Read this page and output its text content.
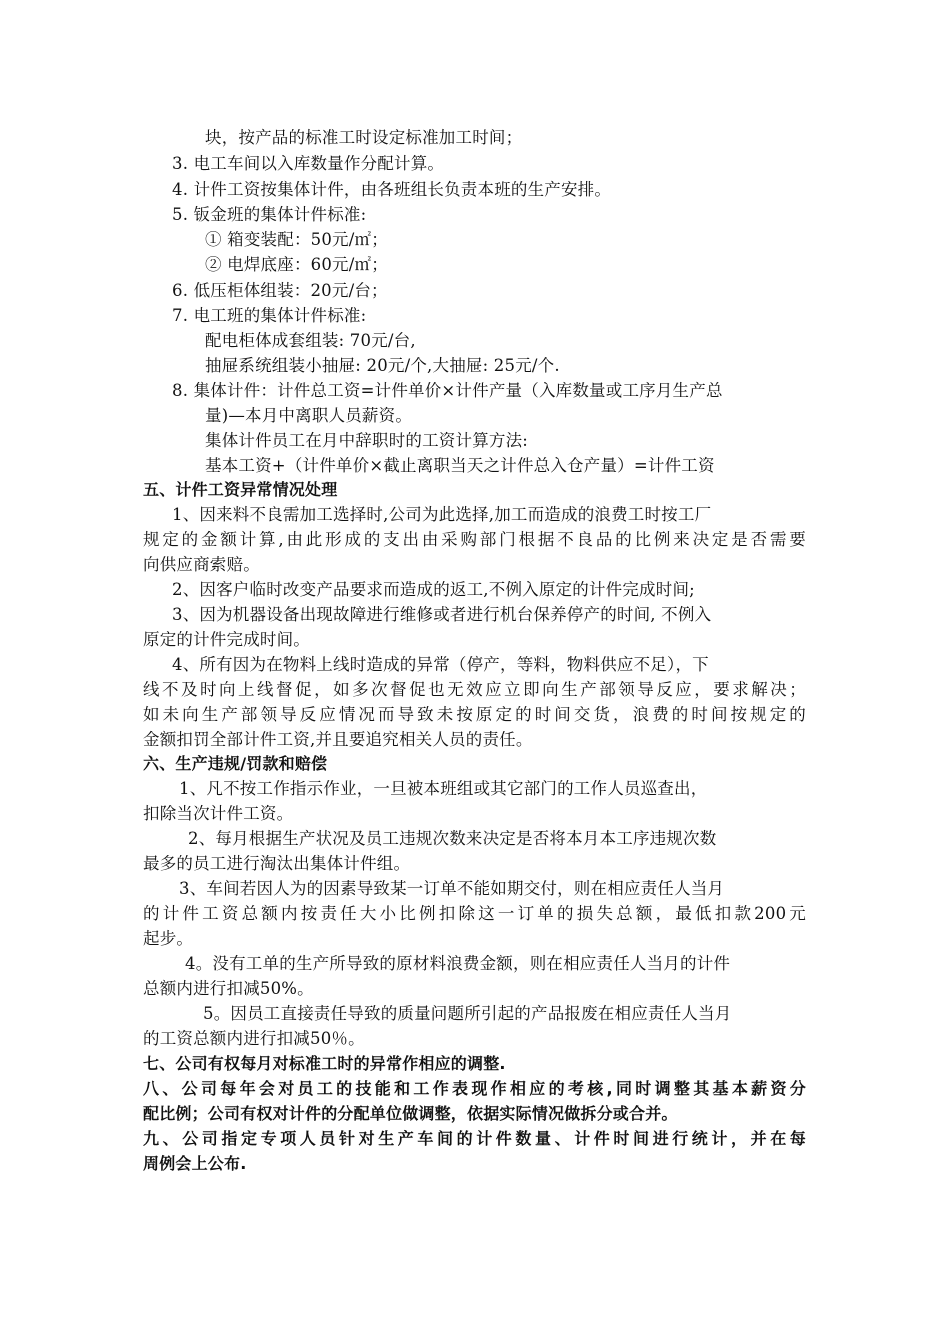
块，按产品的标准工时设定标准加工时间；
3. 电工车间以入库数量作分配计算。
4. 计件工资按集体计件，由各班组长负责本班的生产安排。
5. 钣金班的集体计件标准:
① 箱变装配：50元/㎡；
② 电焊底座：60元/㎡；
6. 低压柜体组装：20元/台；
7. 电工班的集体计件标准:
配电柜体成套组装: 70元/台,
抽屉系统组装小抽屉: 20元/个,大抽屉: 25元/个.
8. 集体计件：计件总工资=计件单价×计件产量（入库数量或工序月生产总
量)—本月中离职人员薪资。
集体计件员工在月中辞职时的工资计算方法:
基本工资+（计件单价×截止离职当天之计件总入仓产量）=计件工资
五、计件工资异常情况处理
1、因来料不良需加工选择时,公司为此选择,加工而造成的浪费工时按工厂
规定的金额计算,由此形成的支出由采购部门根据不良品的比例来决定是否需要
向供应商索赔。
2、因客户临时改变产品要求而造成的返工,不例入原定的计件完成时间;
3、因为机器设备出现故障进行维修或者进行机台保养停产的时间, 不例入
原定的计件完成时间。
4、所有因为在物料上线时造成的异常（停产，等料，物料供应不足），下
线不及时向上线督促，如多次督促也无效应立即向生产部领导反应，要求解决；
如未向生产部领导反应情况而导致未按原定的时间交货，浪费的时间按规定的
金额扣罚全部计件工资,并且要追究相关人员的责任。
六、生产违规/罚款和赔偿
1、凡不按工作指示作业，一旦被本班组或其它部门的工作人员巡查出，
扣除当次计件工资。
2、每月根据生产状况及员工违规次数来决定是否将本月本工序违规次数
最多的员工进行淘汰出集体计件组。
3、车间若因人为的因素导致某一订单不能如期交付，则在相应责任人当月
的计件工资总额内按责任大小比例扣除这一订单的损失总额，最低扣款200元
起步。
4。没有工单的生产所导致的原材料浪费金额，则在相应责任人当月的计件
总额内进行扣减50%。
5。因员工直接责任导致的质量问题所引起的产品报废在相应责任人当月
的工资总额内进行扣减50％。
七、公司有权每月对标准工时的异常作相应的调整.
八、公司每年会对员工的技能和工作表现作相应的考核,同时调整其基本薪资分
配比例；公司有权对计件的分配单位做调整，依据实际情况做拆分或合并。
九、公司指定专项人员针对生产车间的计件数量、计件时间进行统计，并在每
周例会上公布.
